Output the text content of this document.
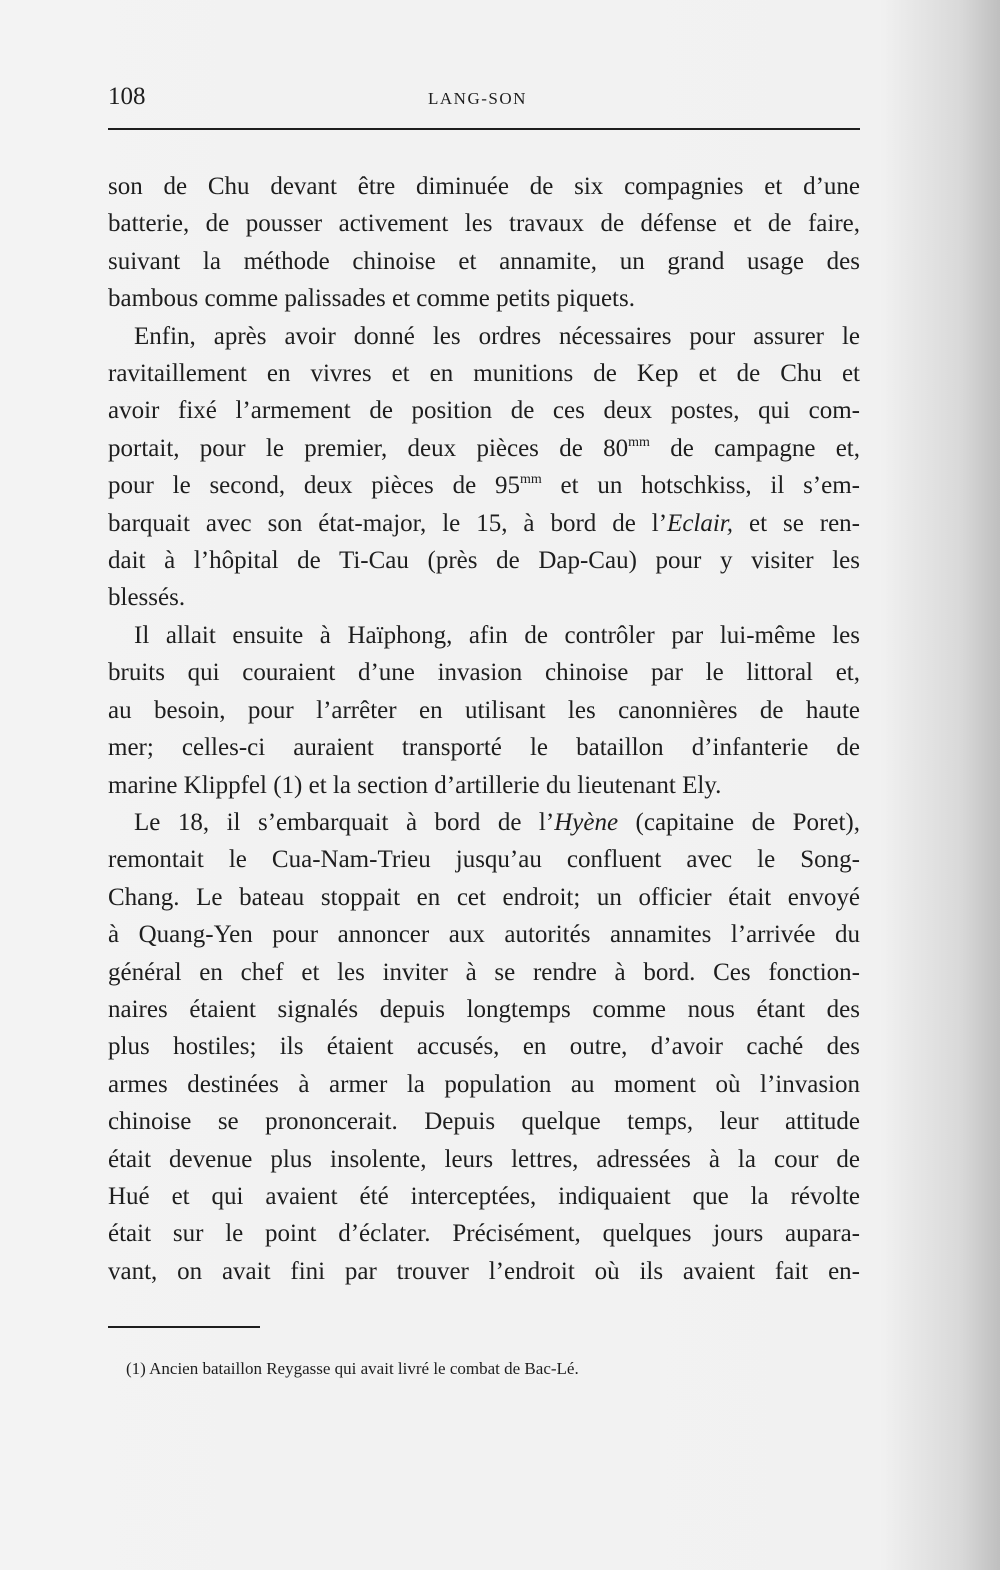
108	LANG-SON

son de Chu devant être diminuée de six compagnies et d’une
batterie, de pousser activement les travaux de défense et de faire,
suivant la méthode chinoise et annamite, un grand usage des
bambous comme palissades et comme petits piquets.

Enfin, après avoir donné les ordres nécessaires pour assurer le
ravitaillement en vivres et en munitions de Kep et de Chu et
avoir fixé l’armement de position de ces deux postes, qui com-
portait, pour le premier, deux pièces de $80^{mm}$ de campagne et,
pour le second, deux pièces de $95^{mm}$ et un hotschkiss, il s’em-
barquait avec son état-major, le 15, à bord de l’Eclair, et se ren-
dait à l’hôpital de Ti-Cau (près de Dap-Cau) pour y visiter les
blessés.

Il allait ensuite à Haïphong, afin de contrôler par lui-même les
bruits qui couraient d’une invasion chinoise par le littoral et,
au besoin, pour l’arrêter en utilisant les canonnières de haute
mer; celles-ci auraient transporté le bataillon d’infanterie de
marine Klippfel (1) et la section d’artillerie du lieutenant Ely.

Le 18, il s’embarquait à bord de l’Hyène (capitaine de Poret),
remontait le Cua-Nam-Trieu jusqu’au confluent avec le Song-
Chang. Le bateau stoppait en cet endroit; un officier était envoyé
à Quang-Yen pour annoncer aux autorités annamites l’arrivée du
général en chef et les inviter à se rendre à bord. Ces fonction-
naires étaient signalés depuis longtemps comme nous étant des
plus hostiles; ils étaient accusés, en outre, d’avoir caché des
armes destinées à armer la population au moment où l’invasion
chinoise se prononcerait. Depuis quelque temps, leur attitude
était devenue plus insolente, leurs lettres, adressées à la cour de
Hué et qui avaient été interceptées, indiquaient que la révolte
était sur le point d’éclater. Précisément, quelques jours aupara-
vant, on avait fini par trouver l’endroit où ils avaient fait en-

(1) Ancien bataillon Reygasse qui avait livré le combat de Bac-Lé.
